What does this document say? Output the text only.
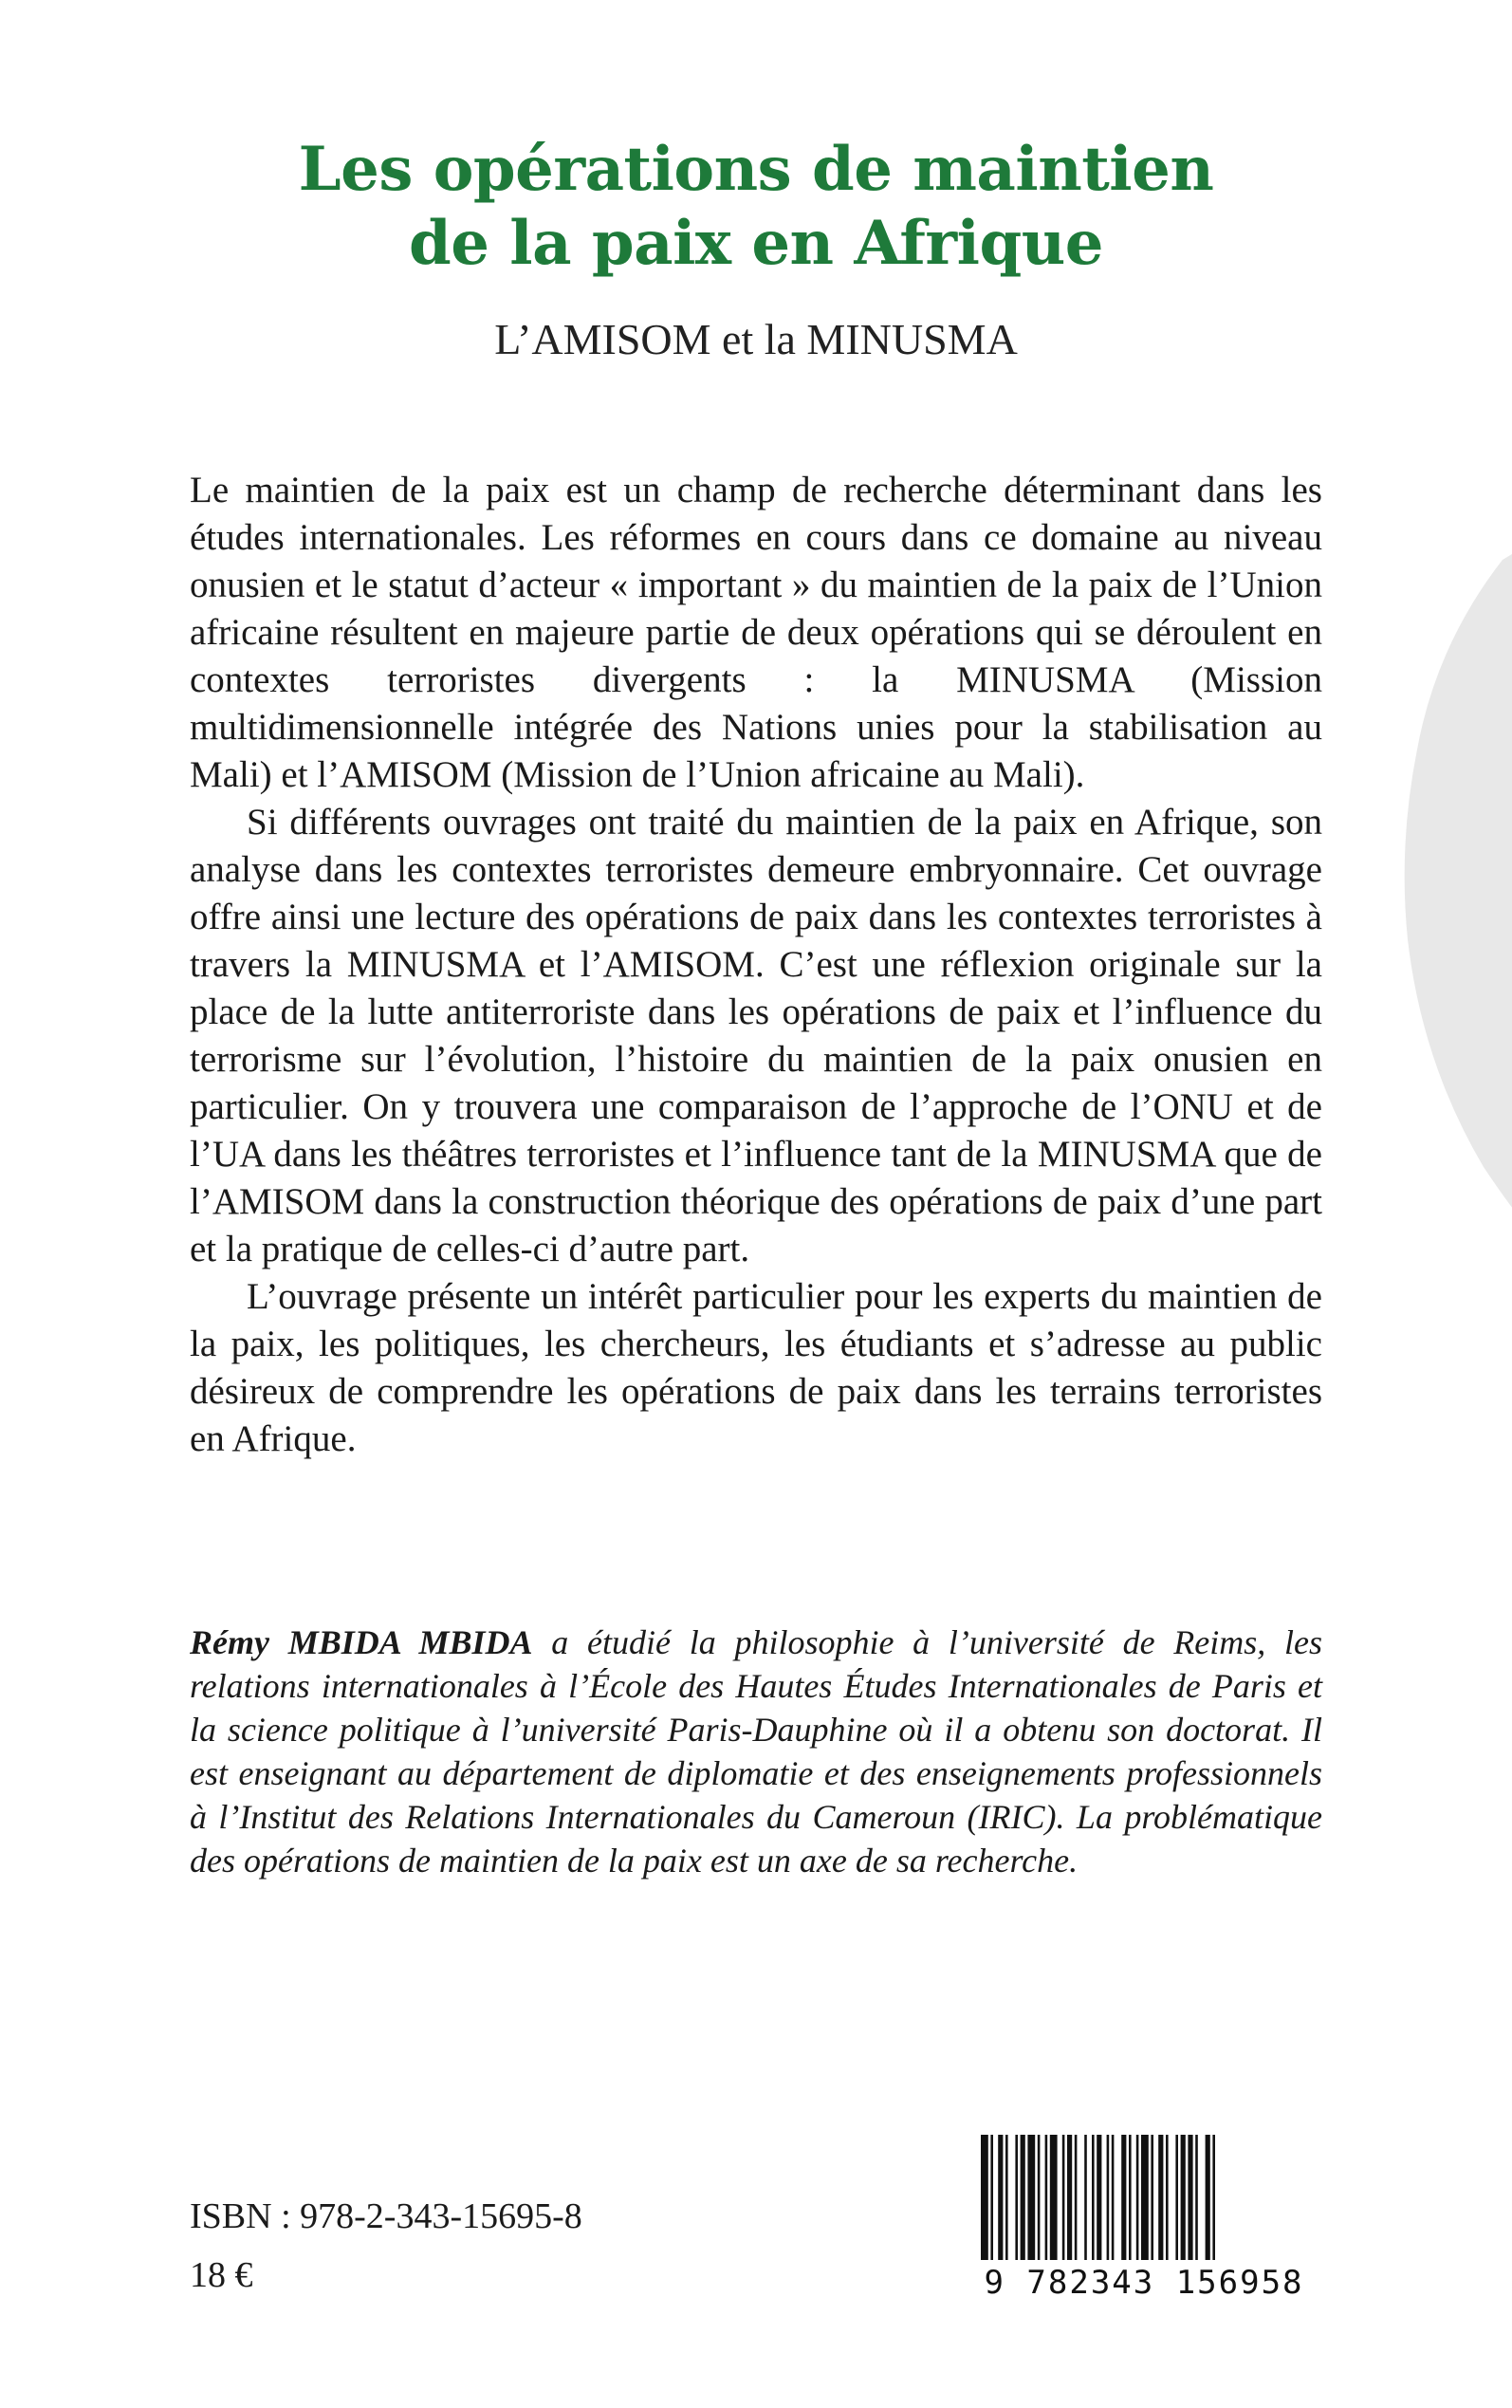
Les opérations de maintien
de la paix en Afrique

L’AMISOM et la MINUSMA

Le maintien de la paix est un champ de recherche déterminant dans les études internationales. Les réformes en cours dans ce domaine au niveau onusien et le statut d’acteur « important » du maintien de la paix de l’Union africaine résultent en majeure partie de deux opérations qui se déroulent en contextes terroristes divergents : la MINUSMA (Mission multidimensionnelle intégrée des Nations unies pour la stabilisation au Mali) et l’AMISOM (Mission de l’Union africaine au Mali).

Si différents ouvrages ont traité du maintien de la paix en Afrique, son analyse dans les contextes terroristes demeure embryonnaire. Cet ouvrage offre ainsi une lecture des opérations de paix dans les contextes terroristes à travers la MINUSMA et l’AMISOM. C’est une réflexion originale sur la place de la lutte antiterroriste dans les opérations de paix et l’influence du terrorisme sur l’évolution, l’histoire du maintien de la paix onusien en particulier. On y trouvera une comparaison de l’approche de l’ONU et de l’UA dans les théâtres terroristes et l’influence tant de la MINUSMA que de l’AMISOM dans la construction théorique des opérations de paix d’une part et la pratique de celles-ci d’autre part.

L’ouvrage présente un intérêt particulier pour les experts du maintien de la paix, les politiques, les chercheurs, les étudiants et s’adresse au public désireux de comprendre les opérations de paix dans les terrains terroristes en Afrique.

Rémy MBIDA MBIDA a étudié la philosophie à l’université de Reims, les relations internationales à l’École des Hautes Études Internationales de Paris et la science politique à l’université Paris-Dauphine où il a obtenu son doctorat. Il est enseignant au département de diplomatie et des enseignements professionnels à l’Institut des Relations Internationales du Cameroun (IRIC). La problématique des opérations de maintien de la paix est un axe de sa recherche.

ISBN : 978-2-343-15695-8

18 €	9 782343 156958
